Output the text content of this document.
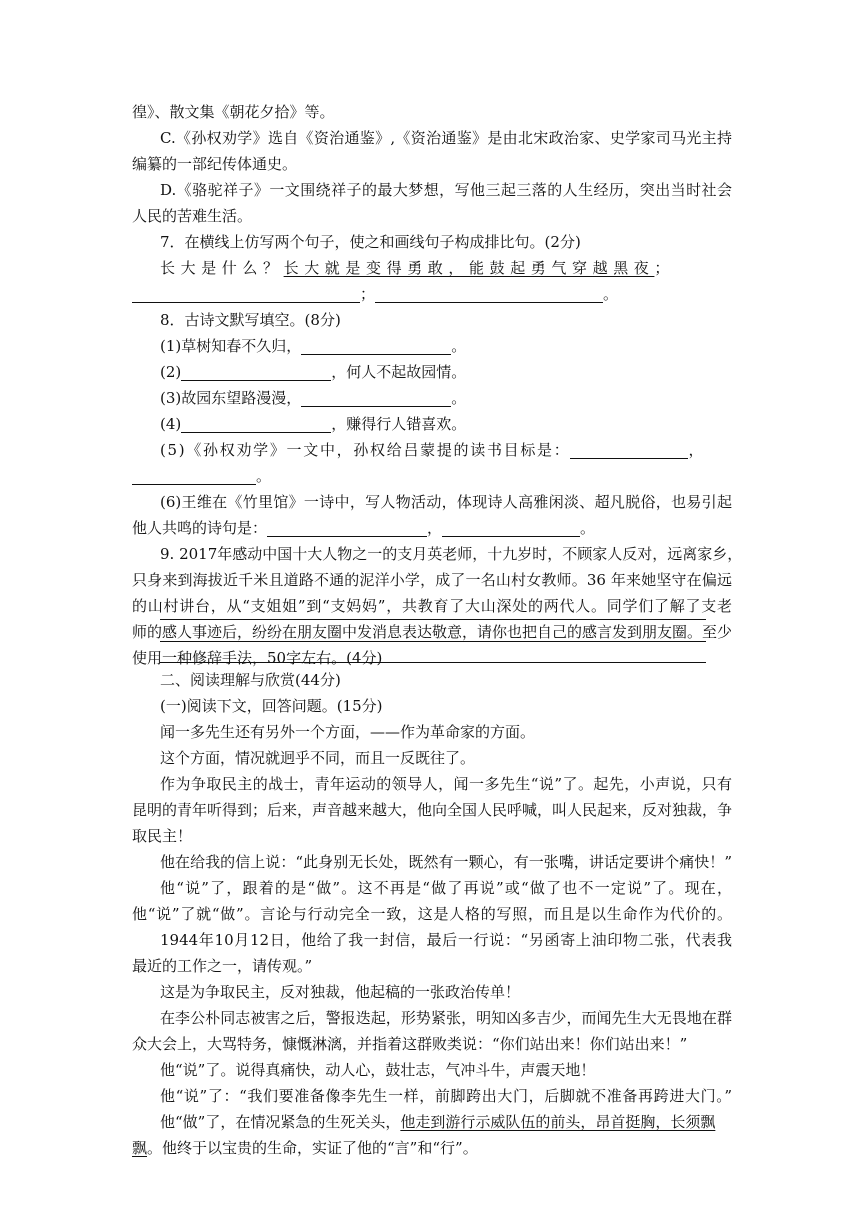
徨》、散文集《朝花夕拾》等。
C.《孙权劝学》选自《资治通鉴》,《资治通鉴》是由北宋政治家、史学家司马光主持
编纂的一部纪传体通史。
D.《骆驼祥子》一文围绕祥子的最大梦想，写他三起三落的人生经历，突出当时社会
人民的苦难生活。
7．在横线上仿写两个句子，使之和画线句子构成排比句。(2分)
长大是什么？长大就是变得勇敢，能鼓起勇气穿越黑夜；
；	。
8．古诗文默写填空。(8分)
(1)草树知春不久归，	。
(2)	，何人不起故园情。
(3)故园东望路漫漫，	。
(4)	，赚得行人错喜欢。
(5)《孙权劝学》一文中，孙权给吕蒙提的读书目标是：	，
。
(6)王维在《竹里馆》一诗中，写人物活动，体现诗人高雅闲淡、超凡脱俗，也易引起
他人共鸣的诗句是：	，	。
9. 2017年感动中国十大人物之一的支月英老师，十九岁时，不顾家人反对，远离家乡，
只身来到海拔近千米且道路不通的泥洋小学，成了一名山村女教师。36 年来她坚守在偏远
的山村讲台，从“支姐姐”到“支妈妈”，共教育了大山深处的两代人。同学们了解了支老
师的感人事迹后，纷纷在朋友圈中发消息表达敬意，请你也把自己的感言发到朋友圈。至少
使用一种修辞手法，50字左右。(4分)
二、阅读理解与欣赏(44分)
(一)阅读下文，回答问题。(15分)
闻一多先生还有另外一个方面，——作为革命家的方面。
这个方面，情况就迥乎不同，而且一反既往了。
作为争取民主的战士，青年运动的领导人，闻一多先生“说”了。起先，小声说，只有
昆明的青年听得到；后来，声音越来越大，他向全国人民呼喊，叫人民起来，反对独裁，争
取民主！
他在给我的信上说：“此身别无长处，既然有一颗心，有一张嘴，讲话定要讲个痛快！”
他“说”了，跟着的是“做”。这不再是“做了再说”或“做了也不一定说”了。现在，
他“说”了就“做”。言论与行动完全一致，这是人格的写照，而且是以生命作为代价的。
1944年10月12日，他给了我一封信，最后一行说：“另函寄上油印物二张，代表我
最近的工作之一，请传观。”
这是为争取民主，反对独裁，他起稿的一张政治传单！
在李公朴同志被害之后，警报迭起，形势紧张，明知凶多吉少，而闻先生大无畏地在群
众大会上，大骂特务，慷慨淋漓，并指着这群败类说：“你们站出来！你们站出来！”
他“说”了。说得真痛快，动人心，鼓壮志，气冲斗牛，声震天地！
他“说”了：“我们要准备像李先生一样，前脚跨出大门，后脚就不准备再跨进大门。”
他“做”了，在情况紧急的生死关头，他走到游行示威队伍的前头，昂首挺胸，长须飘
飘。他终于以宝贵的生命，实证了他的“言”和“行”。
